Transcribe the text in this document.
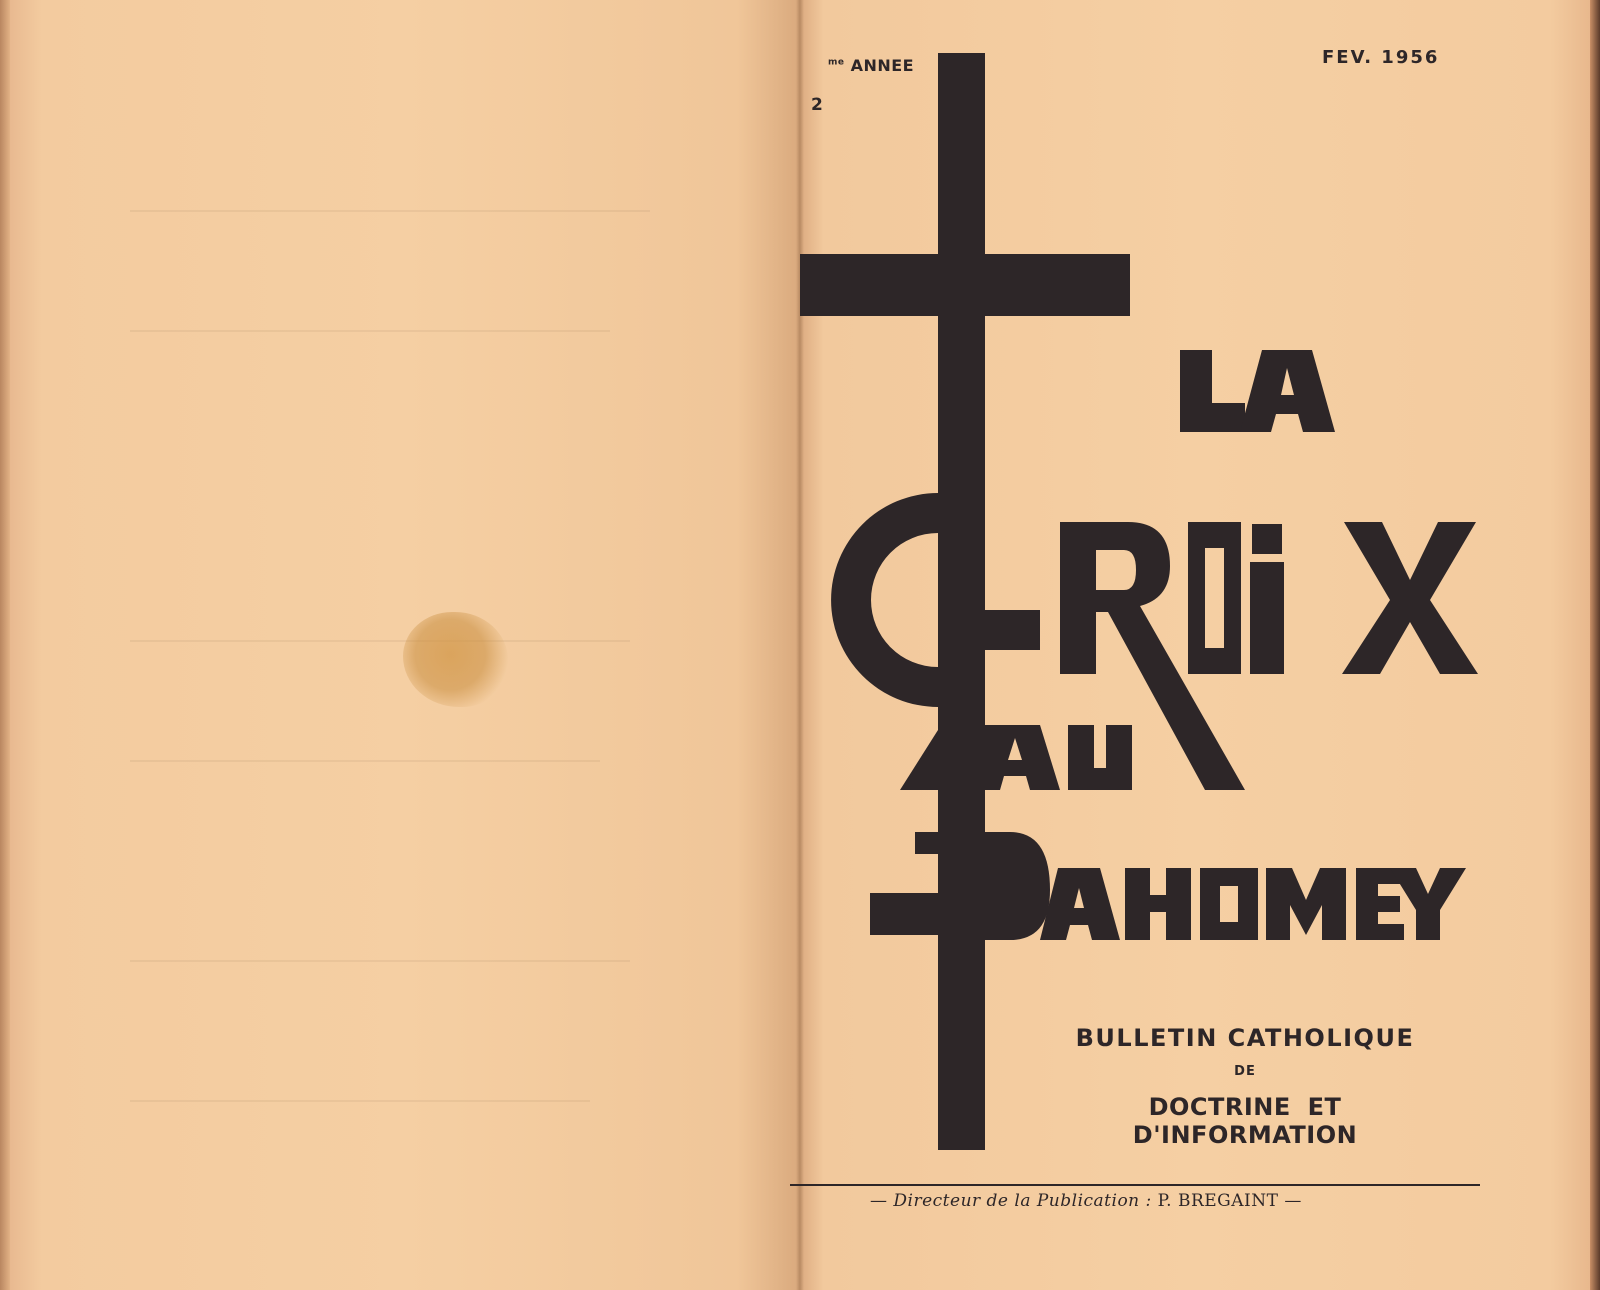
$^{me}$ ANNEE
2
FEV. 1956
BULLETIN CATHOLIQUE
DE
DOCTRINE ET D'INFORMATION
— Directeur de la Publication : P. BREGAINT —
